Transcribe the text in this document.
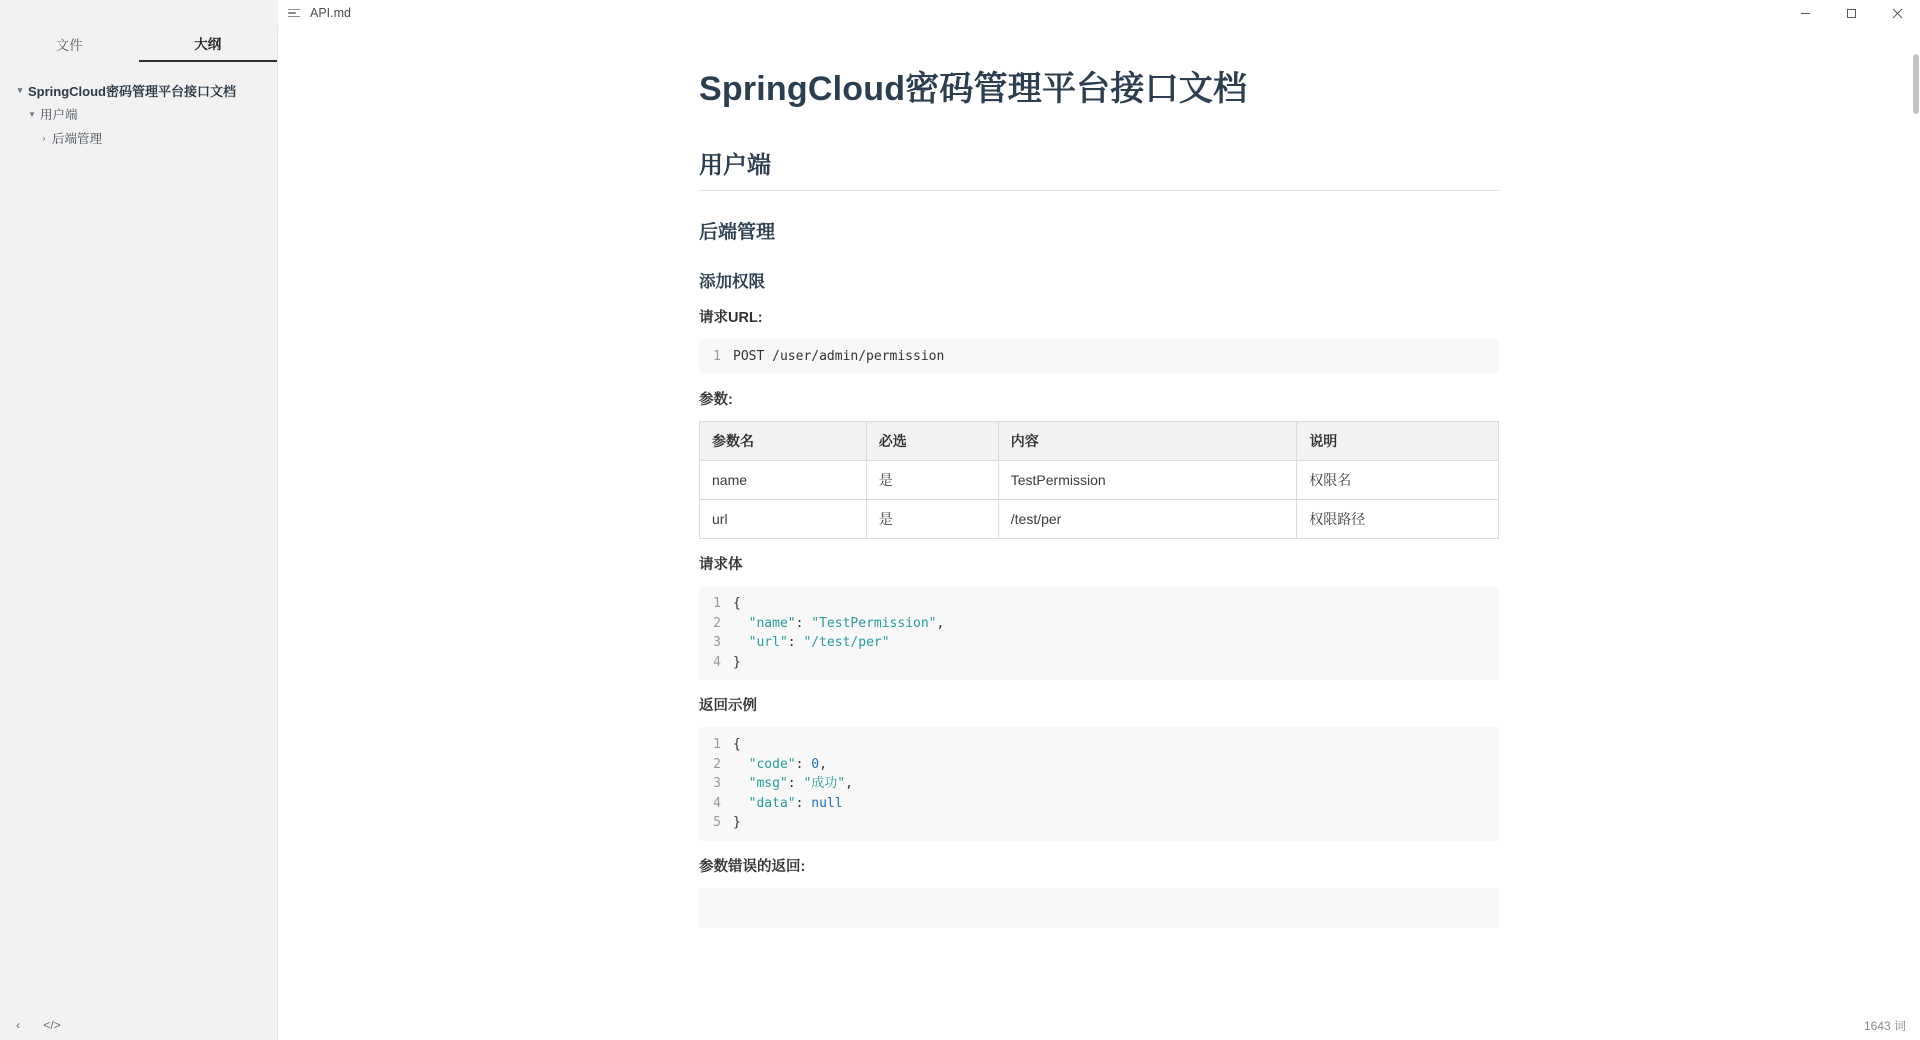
API.md
文件	大纲
▾ SpringCloud密码管理平台接口文档
▾ 用户端
› 后端管理
‹	</>
SpringCloud密码管理平台接口文档
用户端
后端管理
添加权限

请求URL:

1 POST /user/admin/permission

参数:

参数名	必选	内容	说明
name	是	TestPermission	权限名
url	是	/test/per	权限路径

请求体

1 {
2	"name": "TestPermission",
3	"url": "/test/per"
4 }

返回示例

1 {
2	"code": 0,
3	"msg": "成功",
4	"data": null
5 }

参数错误的返回:

1643 词
